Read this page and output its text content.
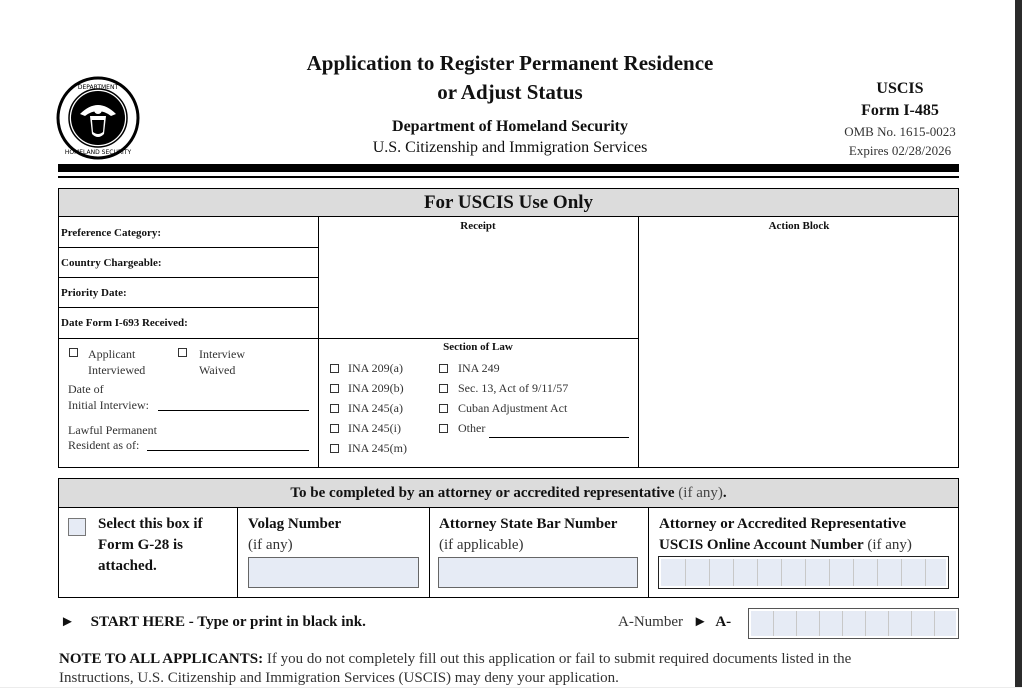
DEPARTMENT
HOMELAND SECURITY
Application to Register Permanent Residence
or Adjust Status
Department of Homeland Security
U.S. Citizenship and Immigration Services
USCIS
Form I-485
OMB No. 1615-0023
Expires 02/28/2026
For USCIS Use Only
Preference Category:
Country Chargeable:
Priority Date:
Date Form I-693 Received:
Receipt	Action Block
Applicant
Interviewed
Interview
Waived
Date of
Initial Interview:
Lawful Permanent
Resident as of:
Section of Law
INA 209(a)
INA 209(b)
INA 245(a)
INA 245(i)
INA 245(m)
INA 249
Sec. 13, Act of 9/11/57
Cuban Adjustment Act
Other
To be completed by an attorney or accredited representative (if any).
Select this box if
Form G-28 is
attached.
Volag Number
(if any)
Attorney State Bar Number
(if applicable)
Attorney or Accredited Representative
USCIS Online Account Number (if any)
► START HERE - Type or print in black ink.	A-Number ► A-
NOTE TO ALL APPLICANTS: If you do not completely fill out this application or fail to submit required documents listed in the
Instructions, U.S. Citizenship and Immigration Services (USCIS) may deny your application.
